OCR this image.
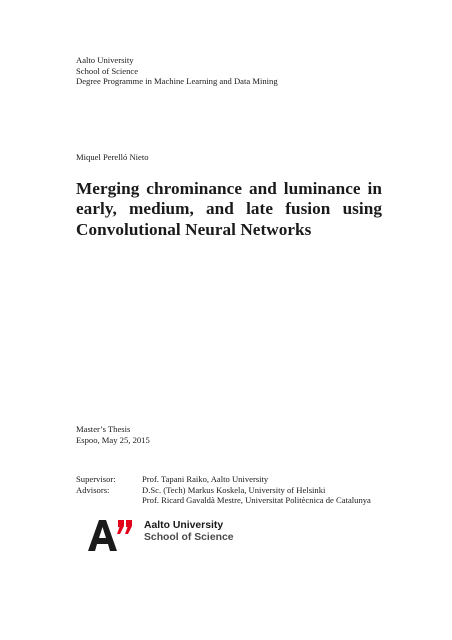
Aalto University
School of Science
Degree Programme in Machine Learning and Data Mining
Miquel Perelló Nieto
Merging chrominance and luminance in early, medium, and late fusion using Convolutional Neural Networks
Master’s Thesis
Espoo, May 25, 2015
Supervisor:	Prof. Tapani Raiko, Aalto University
Advisors:	D.Sc. (Tech) Markus Koskela, University of Helsinki
Prof. Ricard Gavaldà Mestre, Universitat Politècnica de Catalunya
Aalto University
School of Science
